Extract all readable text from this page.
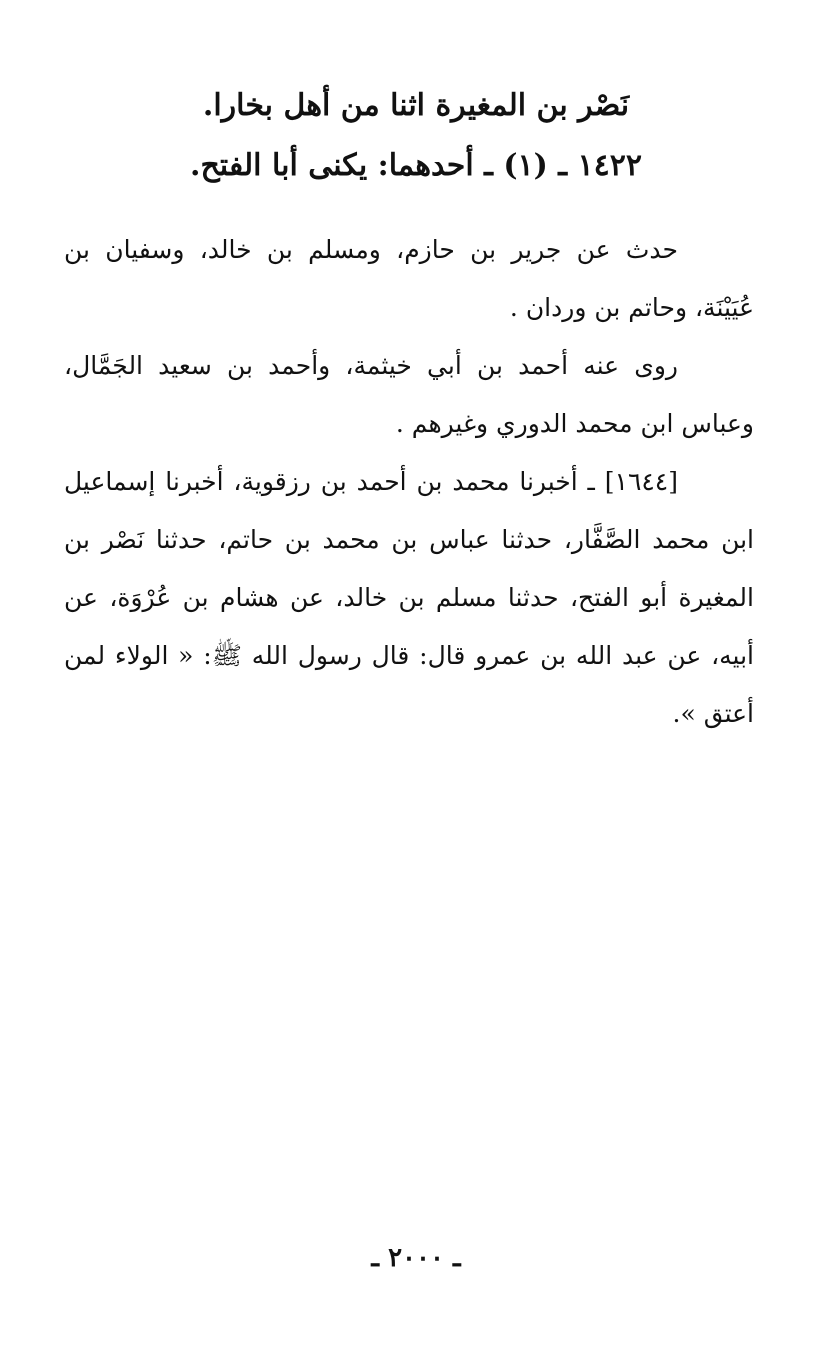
نَصْر بن المغيرة اثنا من أهل بخارا.
١٤٢٢ ـ (١) ـ أحدهما: يكنى أبا الفتح.

حدث عن جرير بن حازم، ومسلم بن خالد، وسفيان بن عُيَيْنَة، وحاتم بن وردان .

روى عنه أحمد بن أبي خيثمة، وأحمد بن سعيد الجَمَّال، وعباس ابن محمد الدوري وغيرهم .

[١٦٤٤] ـ أخبرنا محمد بن أحمد بن رزقوية، أخبرنا إسماعيل ابن محمد الصَّفَّار، حدثنا عباس بن محمد بن حاتم، حدثنا نَصْر بن المغيرة أبو الفتح، حدثنا مسلم بن خالد، عن هشام بن عُرْوَة، عن أبيه، عن عبد الله بن عمرو قال: قال رسول الله ﷺ: « الولاء لمن أعتق ».

ـ ٢٠٠٠ ـ
